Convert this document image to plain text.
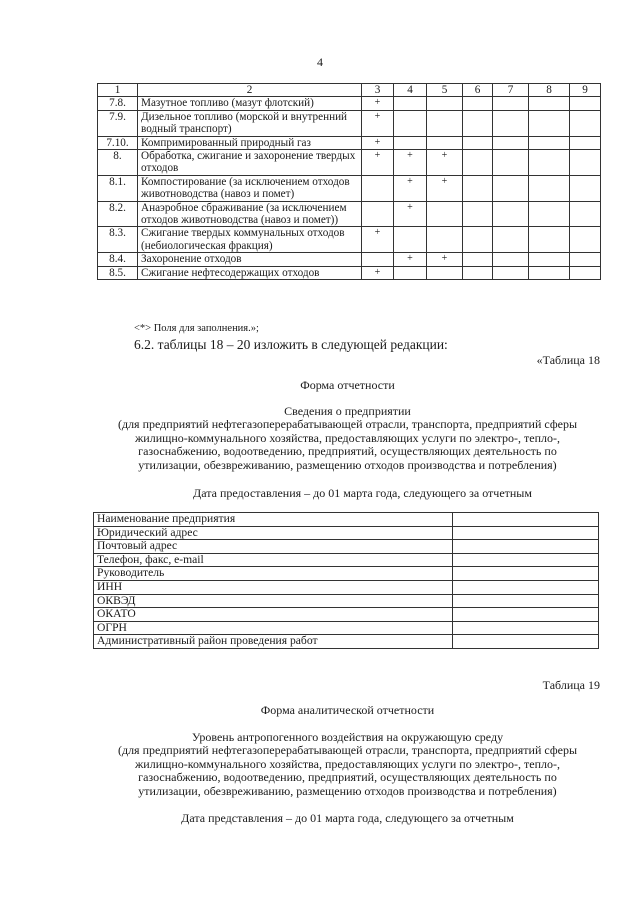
4
1	2	3	4	5	6	7	8	9
7.8.	Мазутное топливо (мазут флотский)	+						
7.9.	Дизельное топливо (морской и внутренний водный транспорт)	+						
7.10.	Компримированный природный газ	+						
8.	Обработка, сжигание и захоронение твердых отходов	+	+	+				
8.1.	Компостирование (за исключением отходов животноводства (навоз и помет)		+	+				
8.2.	Анаэробное сбраживание (за исключением отходов животноводства (навоз и помет))		+					
8.3.	Сжигание твердых коммунальных отходов (небиологическая фракция)	+						
8.4.	Захоронение отходов		+	+				
8.5.	Сжигание нефтесодержащих отходов	+						
<*> Поля для заполнения.»;
6.2. таблицы 18 – 20 изложить в следующей редакции:
«Таблица 18
Форма отчетности
Сведения о предприятии
(для предприятий нефтегазоперерабатывающей отрасли, транспорта, предприятий сферы
жилищно-коммунального хозяйства, предоставляющих услуги по электро-, тепло-,
газоснабжению, водоотведению, предприятий, осуществляющих деятельность по
утилизации, обезвреживанию, размещению отходов производства и потребления)
Дата предоставления – до 01 марта года, следующего за отчетным
Наименование предприятия	
Юридический адрес	
Почтовый адрес	
Телефон, факс, e-mail	
Руководитель	
ИНН	
ОКВЭД	
ОКАТО	
ОГРН	
Административный район проведения работ	
Таблица 19
Форма аналитической отчетности
Уровень антропогенного воздействия на окружающую среду
(для предприятий нефтегазоперерабатывающей отрасли, транспорта, предприятий сферы
жилищно-коммунального хозяйства, предоставляющих услуги по электро-, тепло-,
газоснабжению, водоотведению, предприятий, осуществляющих деятельность по
утилизации, обезвреживанию, размещению отходов производства и потребления)
Дата представления – до 01 марта года, следующего за отчетным
